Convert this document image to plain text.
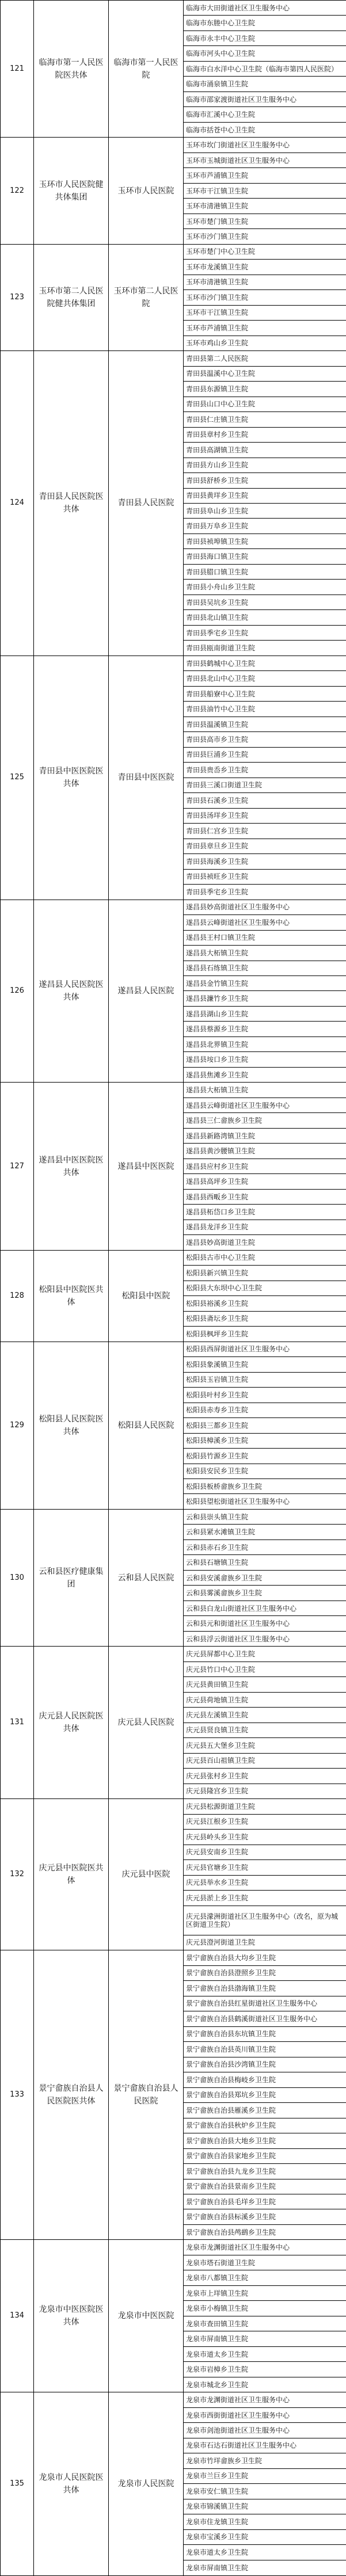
121	临海市第一人民医院医共体	临海市第一人民医院	临海市大田街道社区卫生服务中心
			临海市东塍中心卫生院
			临海市永丰中心卫生院
			临海市河头中心卫生院
			临海市白水洋中心卫生院（临海市第四人民医院）
			临海市涌泉镇卫生院
			临海市邵家渡街道社区卫生服务中心
			临海市汇溪中心卫生院
			临海市括苍中心卫生院
122	玉环市人民医院健共体集团	玉环市人民医院	玉环市坎门街道社区卫生服务中心
			玉环市玉城街道社区卫生服务中心
			玉环市芦浦镇卫生院
			玉环市干江镇卫生院
			玉环市清港镇卫生院
			玉环市楚门镇卫生院
			玉环市沙门镇卫生院
123	玉环市第二人民医院健共体集团	玉环市第二人民医院	玉环市楚门中心卫生院
			玉环市龙溪镇卫生院
			玉环市清港镇卫生院
			玉环市沙门镇卫生院
			玉环市干江镇卫生院
			玉环市芦浦镇卫生院
			玉环市鸡山乡卫生院
124	青田县人民医院医共体	青田县人民医院	青田县第二人民医院
			青田县温溪中心卫生院
			青田县东源镇卫生院
			青田县山口中心卫生院
			青田县仁庄镇卫生院
			青田县章村乡卫生院
			青田县高湖镇卫生院
			青田县方山乡卫生院
			青田县舒桥乡卫生院
			青田县黄垟乡卫生院
			青田县阜山乡卫生院
			青田县万阜乡卫生院
			青田县祯埠镇卫生院
			青田县海口镇卫生院
			青田县腊口镇卫生院
			青田县小舟山乡卫生院
			青田县吴坑乡卫生院
			青田县北山镇卫生院
			青田县季宅乡卫生院
			青田县瓯南街道卫生院
125	青田县中医医院医共体	青田县中医医院	青田县鹤城中心卫生院
			青田县北山中心卫生院
			青田县船寮中心卫生院
			青田县油竹中心卫生院
			青田县温溪镇卫生院
			青田县高市乡卫生院
			青田县巨浦乡卫生院
			青田县贵岙乡卫生院
			青田县三溪口街道卫生院
			青田县石溪乡卫生院
			青田县汤垟乡卫生院
			青田县仁宫乡卫生院
			青田县章旦乡卫生院
			青田县海溪乡卫生院
			青田县祯旺乡卫生院
			青田县季宅乡卫生院
126	遂昌县人民医院医共体	遂昌县人民医院	遂昌县妙高街道社区卫生服务中心
			遂昌县云峰街道社区卫生服务中心
			遂昌县王村口镇卫生院
			遂昌县大柘镇卫生院
			遂昌县石练镇卫生院
			遂昌县金竹镇卫生院
			遂昌县濂竹乡卫生院
			遂昌县湖山乡卫生院
			遂昌县蔡源乡卫生院
			遂昌县北界镇卫生院
			遂昌县垵口乡卫生院
			遂昌县焦滩乡卫生院
127	遂昌县中医医院医共体	遂昌县中医医院	遂昌县大柘镇卫生院
			遂昌县云峰街道社区卫生服务中心
			遂昌县三仁畲族乡卫生院
			遂昌县新路湾镇卫生院
			遂昌县黄沙腰镇卫生院
			遂昌县应村乡卫生院
			遂昌县高坪乡卫生院
			遂昌县西畈乡卫生院
			遂昌县柘岱口乡卫生院
			遂昌县龙洋乡卫生院
			遂昌县妙高街道卫生院
128	松阳县中医院医共体	松阳县中医院	松阳县古市中心卫生院
			松阳县新兴镇卫生院
			松阳县大东坝中心卫生院
			松阳县裕溪乡卫生院
			松阳县斋坛乡卫生院
			松阳县枫坪乡卫生院
129	松阳县人民医院医共体	松阳县人民医院	松阳县西屏街道社区卫生服务中心
			松阳县象溪镇卫生院
			松阳县玉岩镇卫生院
			松阳县叶村乡卫生院
			松阳县赤寿乡卫生院
			松阳县三都乡卫生院
			松阳县樟溪乡卫生院
			松阳县竹源乡卫生院
			松阳县安民乡卫生院
			松阳县板桥畲族乡卫生院
			松阳县望松街道社区卫生服务中心
130	云和县医疗健康集团	云和县人民医院	云和县崇头镇卫生院
			云和县紧水滩镇卫生院
			云和县赤石乡卫生院
			云和县石塘镇卫生院
			云和县安溪畲族乡卫生院
			云和县雾溪畲族乡卫生院
			云和县白龙山街道社区卫生服务中心
			云和县元和街道社区卫生服务中心
			云和县浮云街道社区卫生服务中心
131	庆元县人民医院医共体	庆元县人民医院	庆元县屏都中心卫生院
			庆元县竹口中心卫生院
			庆元县黄田镇卫生院
			庆元县荷地镇卫生院
			庆元县左溪镇卫生院
			庆元县贤良镇卫生院
			庆元县五大堡乡卫生院
			庆元县百山祖镇卫生院
			庆元县张村乡卫生院
			庆元县隆宫乡卫生院
132	庆元县中医院医共体	庆元县中医院	庆元县松源街道卫生院
			庆元县江根乡卫生院
			庆元县岭头乡卫生院
			庆元县安南乡卫生院
			庆元县官塘乡卫生院
			庆元县举水乡卫生院
			庆元县淤上乡卫生院
			庆元县濛洲街道社区卫生服务中心（改名，原为城区街道卫生院）
			庆元县澄河街道卫生院
133	景宁畲族自治县人民医院医共体	景宁畲族自治县人民医院	景宁畲族自治县大均乡卫生院
			景宁畲族自治县澄照乡卫生院
			景宁畲族自治县渤海镇卫生院
			景宁畲族自治县红星街道社区卫生服务中心
			景宁畲族自治县鹤溪街道社区卫生服务中心
			景宁畲族自治县东坑镇卫生院
			景宁畲族自治县英川镇卫生院
			景宁畲族自治县沙湾镇卫生院
			景宁畲族自治县梅岐乡卫生院
			景宁畲族自治县郑坑乡卫生院
			景宁畲族自治县雁溪乡卫生院
			景宁畲族自治县秋炉乡卫生院
			景宁畲族自治县大地乡卫生院
			景宁畲族自治县家地乡卫生院
			景宁畲族自治县九龙乡卫生院
			景宁畲族自治县景南乡卫生院
			景宁畲族自治县毛垟乡卫生院
			景宁畲族自治县标溪乡卫生院
			景宁畲族自治县鸬鹚乡卫生院
134	龙泉市中医医院医共体	龙泉市中医医院	龙泉市龙渊街道社区卫生服务中心
			龙泉市塔石街道卫生院
			龙泉市八都镇卫生院
			龙泉市上垟镇卫生院
			龙泉市小梅镇卫生院
			龙泉市查田镇卫生院
			龙泉市屏南镇卫生院
			龙泉市道太乡卫生院
			龙泉市岩樟乡卫生院
			龙泉市城北乡卫生院
135	龙泉市人民医院医共体	龙泉市人民医院	龙泉市龙渊街道社区卫生服务中心
			龙泉市西街街道社区卫生服务中心
			龙泉市剑池街道社区卫生服务中心
			龙泉市石达石街道社区卫生服务中心
			龙泉市竹垟畲族乡卫生院
			龙泉市兰巨乡卫生院
			龙泉市安仁镇卫生院
			龙泉市锦溪镇卫生院
			龙泉市住龙镇卫生院
			龙泉市宝溪乡卫生院
			龙泉市道太乡卫生院
			龙泉市屏南镇卫生院
